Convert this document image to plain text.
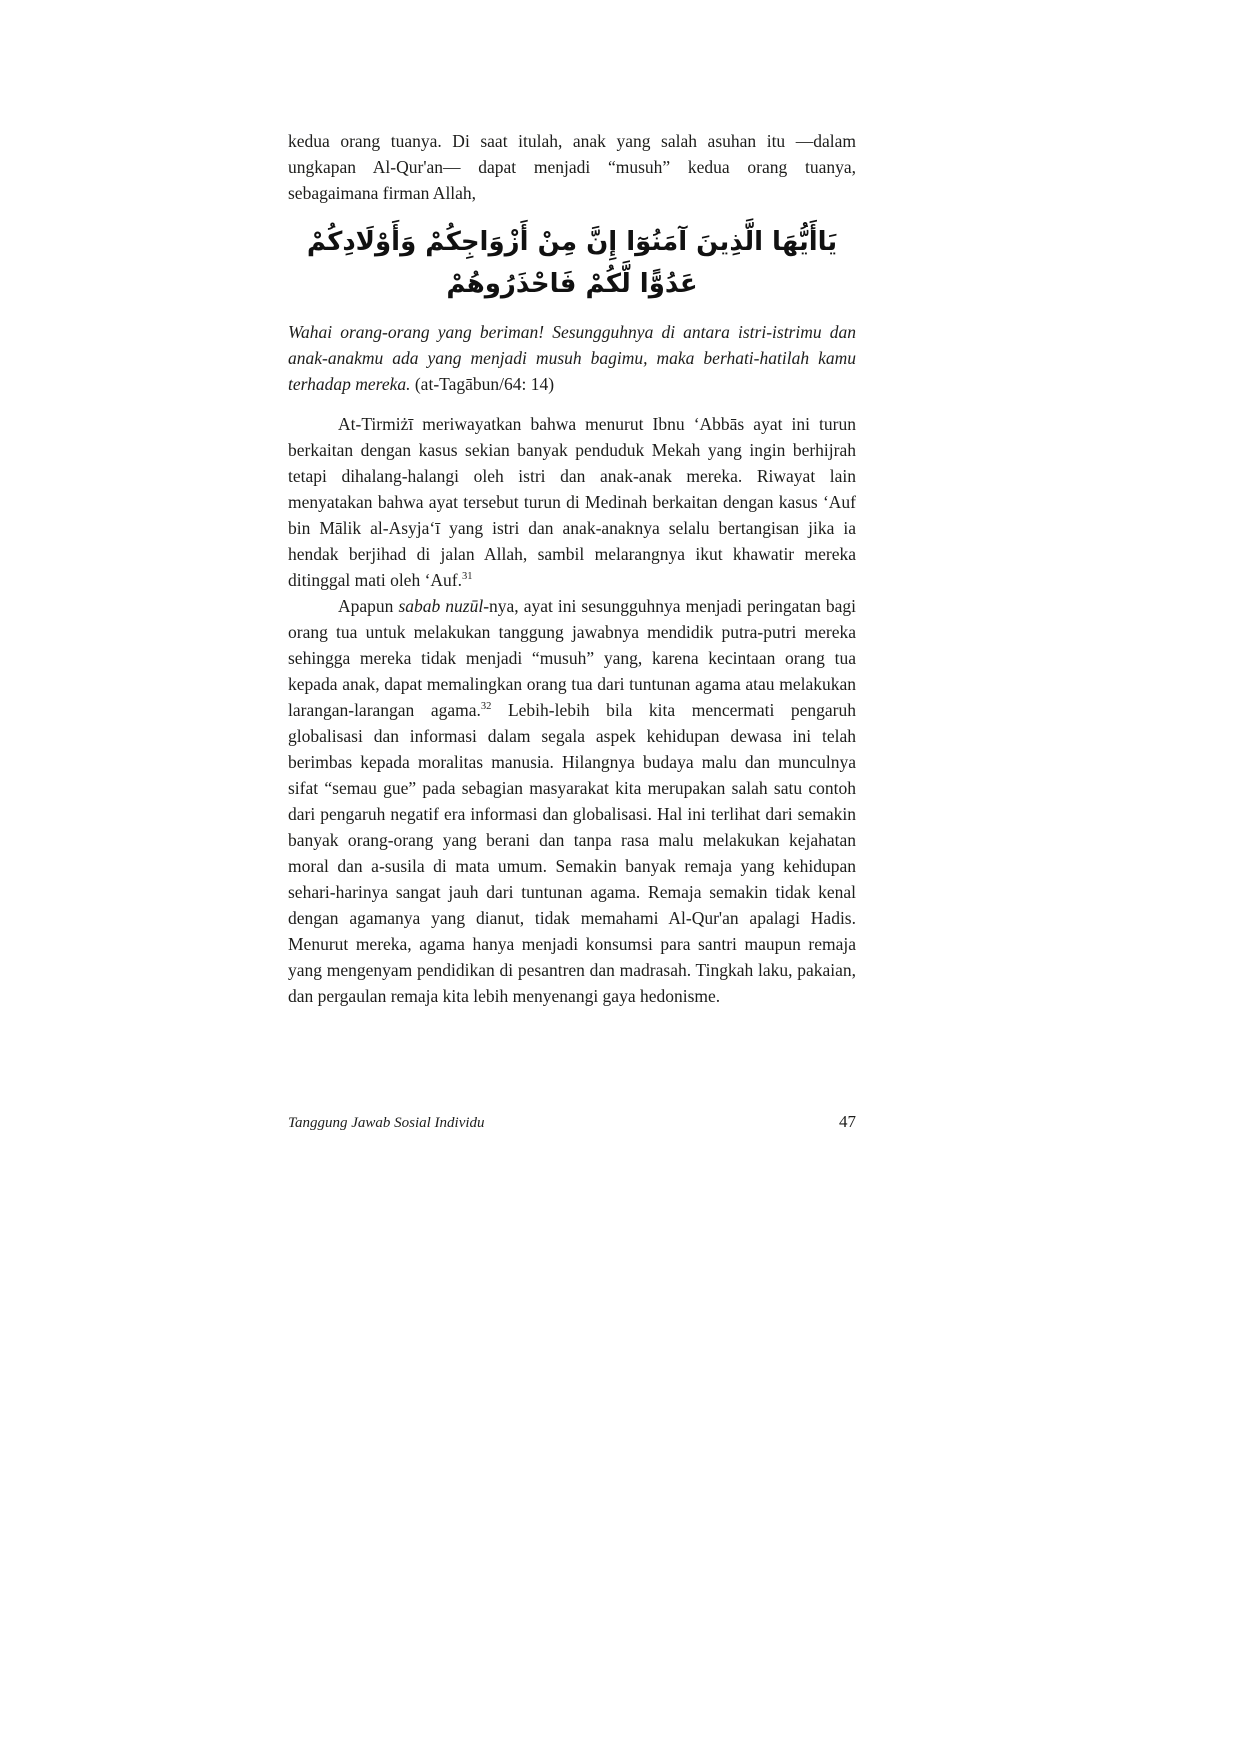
kedua orang tuanya. Di saat itulah, anak yang salah asuhan itu —dalam ungkapan Al-Qur'an— dapat menjadi “musuh” kedua orang tuanya, sebagaimana firman Allah,

يَاأَيُّهَا الَّذِينَ آمَنُوٓا إِنَّ مِنْ أَزْوَاجِكُمْ وَأَوْلَادِكُمْ عَدُوًّا لَّكُمْ فَاحْذَرُوهُمْ

Wahai orang-orang yang beriman! Sesungguhnya di antara istri-istrimu dan anak-anakmu ada yang menjadi musuh bagimu, maka berhati-hatilah kamu terhadap mereka. (at-Tagābun/64: 14)

At-Tirmiżī meriwayatkan bahwa menurut Ibnu ‘Abbās ayat ini turun berkaitan dengan kasus sekian banyak penduduk Mekah yang ingin berhijrah tetapi dihalang-halangi oleh istri dan anak-anak mereka. Riwayat lain menyatakan bahwa ayat tersebut turun di Medinah berkaitan dengan kasus ‘Auf bin Mālik al-Asyja‘ī yang istri dan anak-anaknya selalu bertangisan jika ia hendak berjihad di jalan Allah, sambil melarangnya ikut khawatir mereka ditinggal mati oleh ‘Auf.$^{31}$

Apapun sabab nuzūl-nya, ayat ini sesungguhnya menjadi peringatan bagi orang tua untuk melakukan tanggung jawabnya mendidik putra-putri mereka sehingga mereka tidak menjadi “musuh” yang, karena kecintaan orang tua kepada anak, dapat memalingkan orang tua dari tuntunan agama atau melakukan larangan-larangan agama.$^{32}$ Lebih-lebih bila kita mencermati pengaruh globalisasi dan informasi dalam segala aspek kehidupan dewasa ini telah berimbas kepada moralitas manusia. Hilangnya budaya malu dan munculnya sifat “semau gue” pada sebagian masyarakat kita merupakan salah satu contoh dari pengaruh negatif era informasi dan globalisasi. Hal ini terlihat dari semakin banyak orang-orang yang berani dan tanpa rasa malu melakukan kejahatan moral dan a-susila di mata umum. Semakin banyak remaja yang kehidupan sehari-harinya sangat jauh dari tuntunan agama. Remaja semakin tidak kenal dengan agamanya yang dianut, tidak memahami Al-Qur'an apalagi Hadis. Menurut mereka, agama hanya menjadi konsumsi para santri maupun remaja yang mengenyam pendidikan di pesantren dan madrasah. Tingkah laku, pakaian, dan pergaulan remaja kita lebih menyenangi gaya hedonisme.

Tanggung Jawab Sosial Individu	47
